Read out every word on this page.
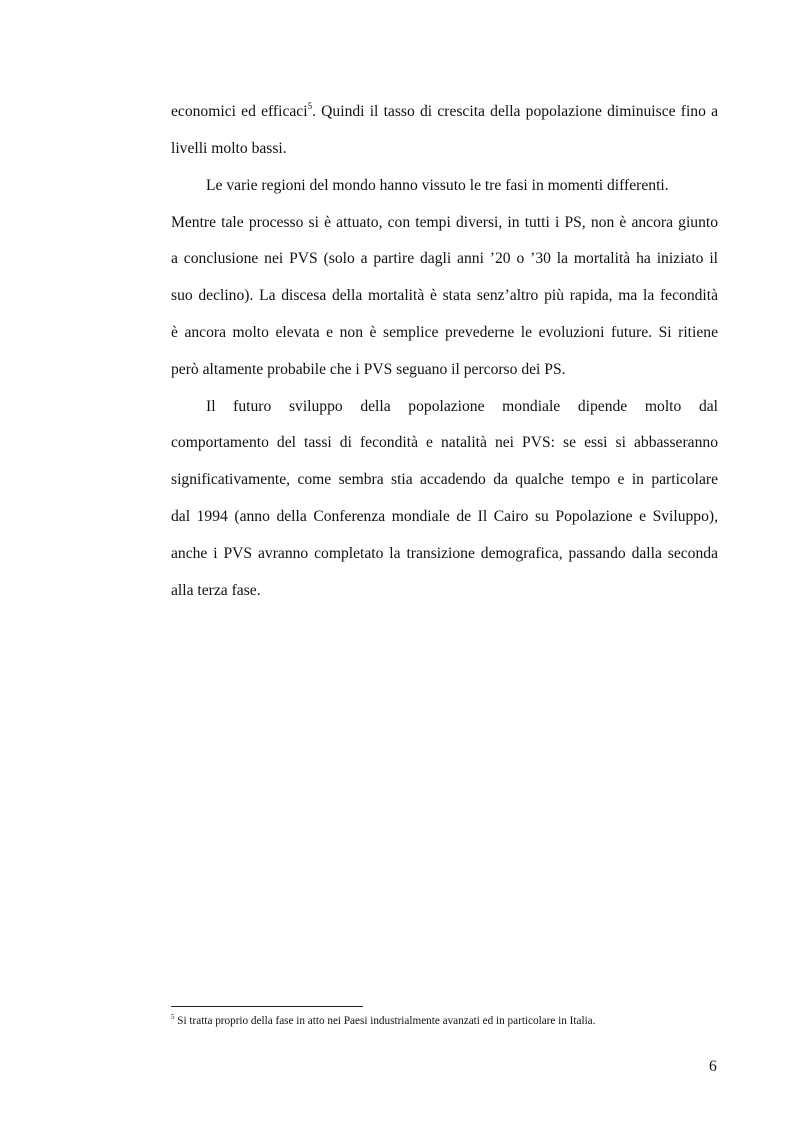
economici ed efficaci$^5$. Quindi il tasso di crescita della popolazione diminuisce fino a
livelli molto bassi.
Le varie regioni del mondo hanno vissuto le tre fasi in momenti differenti.
Mentre tale processo si è attuato, con tempi diversi, in tutti i PS, non è ancora giunto
a conclusione nei PVS (solo a partire dagli anni ’20 o ’30 la mortalità ha iniziato il
suo declino). La discesa della mortalità è stata senz’altro più rapida, ma la fecondità
è ancora molto elevata e non è semplice prevederne le evoluzioni future. Si ritiene
però altamente probabile che i PVS seguano il percorso dei PS.
Il futuro sviluppo della popolazione mondiale dipende molto dal
comportamento del tassi di fecondità e natalità nei PVS: se essi si abbasseranno
significativamente, come sembra stia accadendo da qualche tempo e in particolare
dal 1994 (anno della Conferenza mondiale de Il Cairo su Popolazione e Sviluppo),
anche i PVS avranno completato la transizione demografica, passando dalla seconda
alla terza fase.
$^5$ Si tratta proprio della fase in atto nei Paesi industrialmente avanzati ed in particolare in Italia.
6
